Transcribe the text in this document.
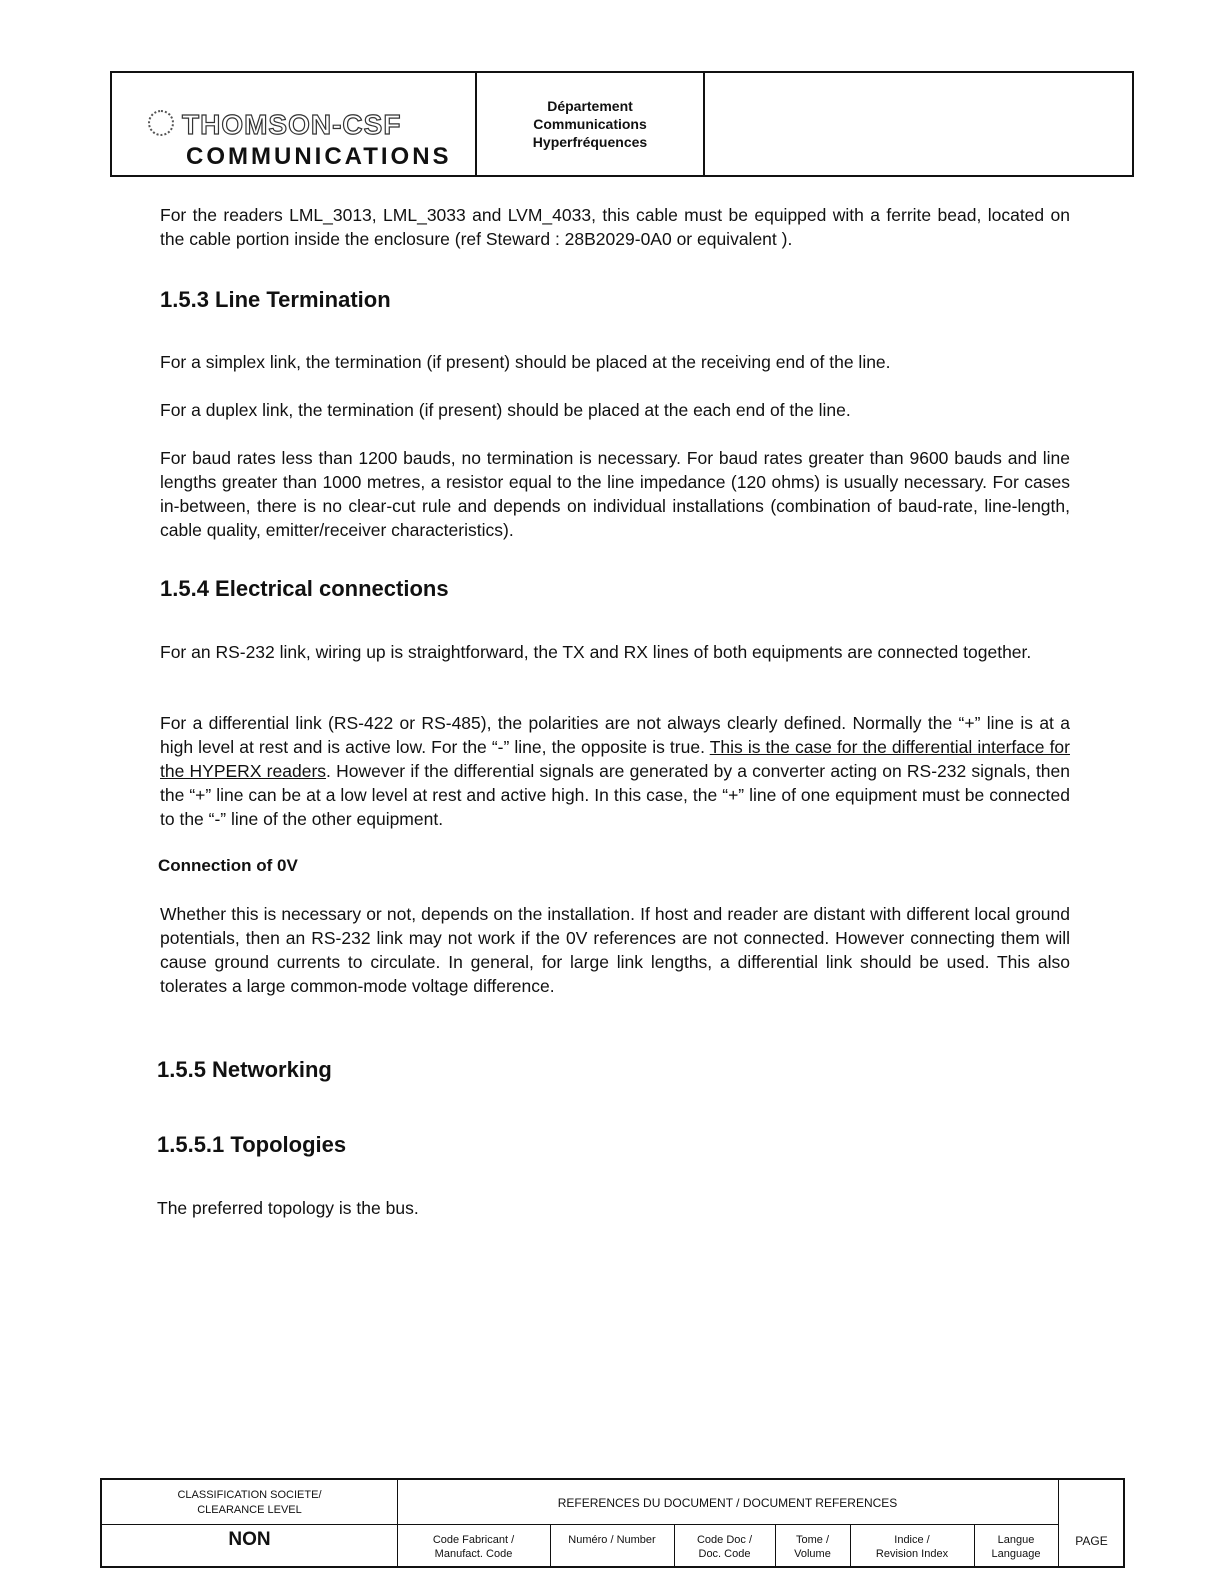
THOMSON-CSF
COMMUNICATIONS
Département
Communications
Hyperfréquences
For the readers LML_3013, LML_3033 and LVM_4033, this cable must be equipped with a ferrite bead, located on the cable portion inside the enclosure (ref Steward : 28B2029-0A0 or equivalent ).
1.5.3 Line Termination
For a simplex link, the termination (if present) should be placed at the receiving end of the line.
For a duplex link, the termination (if present) should be placed at the each end of the line.
For baud rates less than 1200 bauds, no termination is necessary. For baud rates greater than 9600 bauds and line lengths greater than 1000 metres, a resistor equal to the line impedance (120 ohms) is usually necessary. For cases in-between, there is no clear-cut rule and depends on individual installations (combination of baud-rate, line-length, cable quality, emitter/receiver characteristics).
1.5.4 Electrical connections
For an RS-232 link, wiring up is straightforward, the TX and RX lines of both equipments are connected together.
For a differential link (RS-422 or RS-485), the polarities are not always clearly defined. Normally the “+” line is at a high level at rest and is active low. For the “-” line, the opposite is true. This is the case for the differential interface for the HYPERX readers. However if the differential signals are generated by a converter acting on RS-232 signals, then the “+” line can be at a low level at rest and active high. In this case, the “+” line of one equipment must be connected to the “-” line of the other equipment.
Connection of 0V
Whether this is necessary or not, depends on the installation. If host and reader are distant with different local ground potentials, then an RS-232 link may not work if the 0V references are not connected. However connecting them will cause ground currents to circulate. In general, for large link lengths, a differential link should be used. This also tolerates a large common-mode voltage difference.
1.5.5 Networking
1.5.5.1 Topologies
The preferred topology is the bus.
CLASSIFICATION SOCIETE/
CLEARANCE LEVEL
NON
REFERENCES DU DOCUMENT / DOCUMENT REFERENCES
Code Fabricant /
Manufact. Code
Numéro / Number	Code Doc /
Doc. Code
Tome /
Volume
Indice /
Revision Index
Langue
Language
PAGE
